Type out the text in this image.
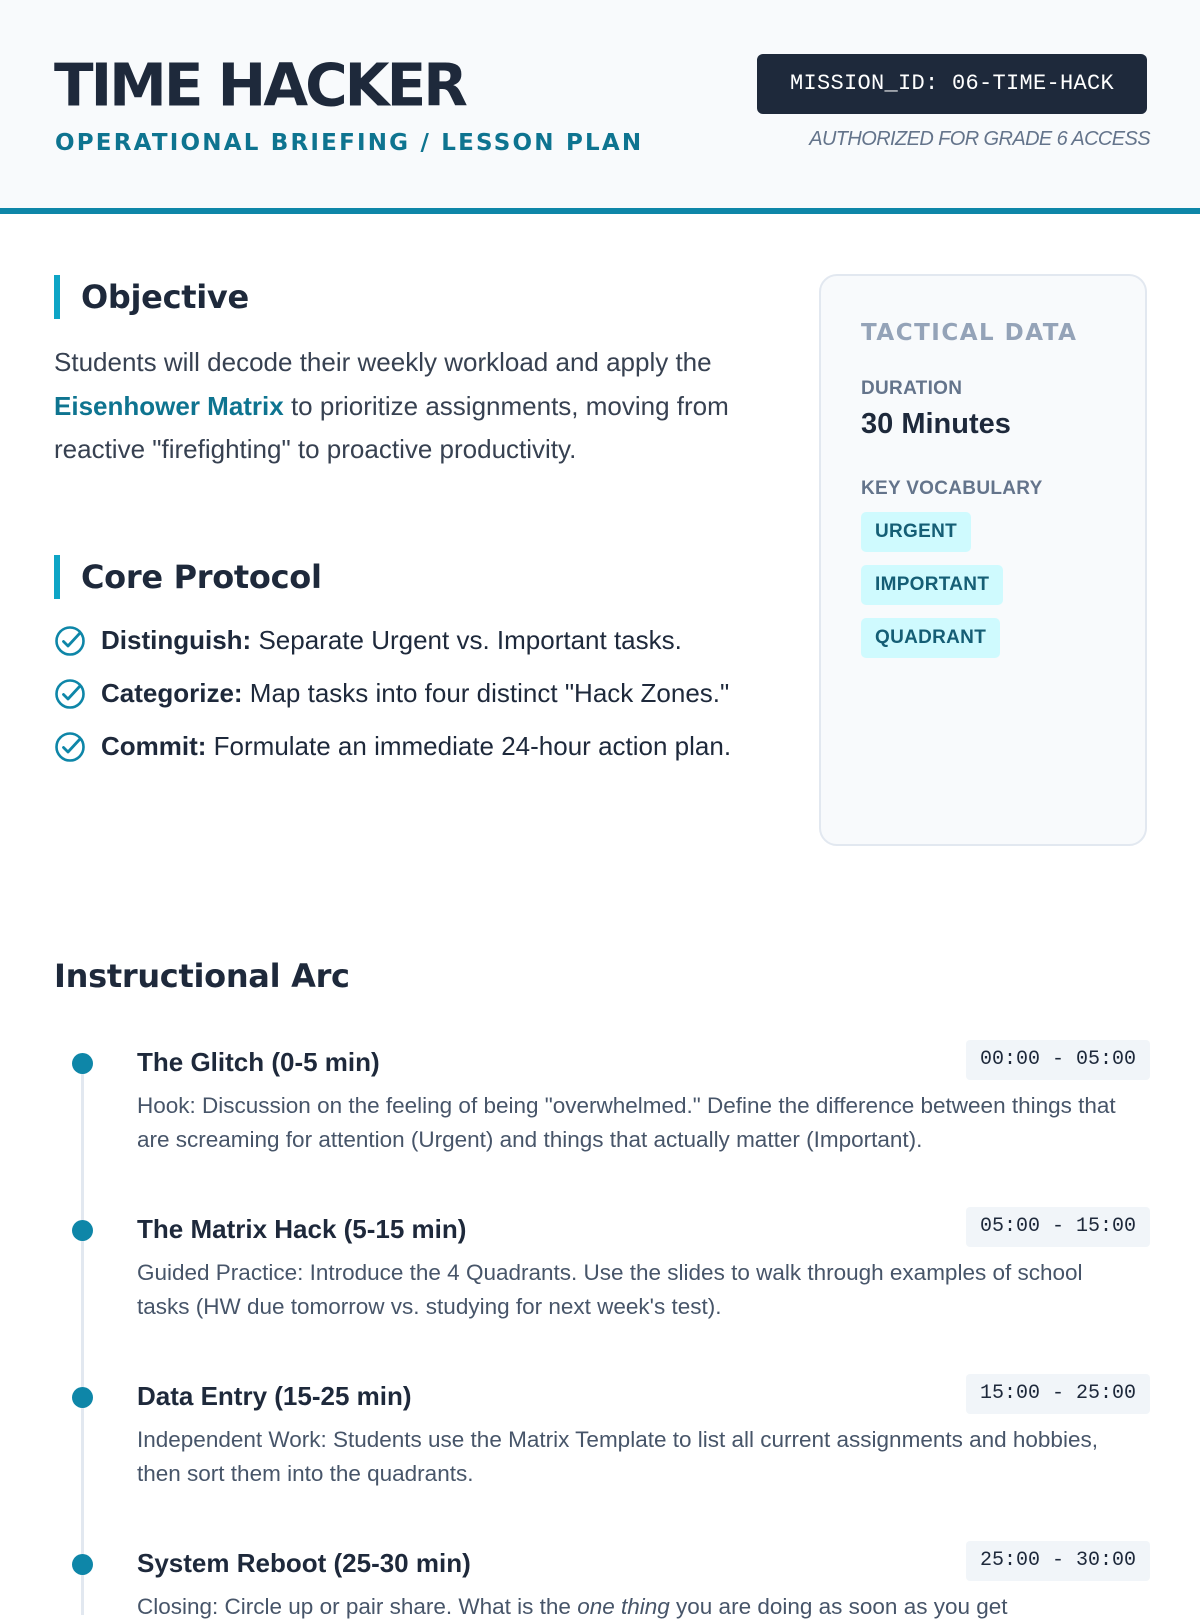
TIME HACKER
OPERATIONAL BRIEFING / LESSON PLAN
MISSION_ID: 06-TIME-HACK
AUTHORIZED FOR GRADE 6 ACCESS
Objective

Students will decode their weekly workload and apply the Eisenhower Matrix to prioritize assignments, moving from reactive "firefighting" to proactive productivity.

Core Protocol
Distinguish: Separate Urgent vs. Important tasks.
Categorize: Map tasks into four distinct "Hack Zones."
Commit: Formulate an immediate 24-hour action plan.
TACTICAL DATA
DURATION
30 Minutes
KEY VOCABULARY
URGENT
IMPORTANT
QUADRANT
Instructional Arc
The Glitch (0-5 min)	00:00 - 05:00
Hook: Discussion on the feeling of being "overwhelmed." Define the difference between things that are screaming for attention (Urgent) and things that actually matter (Important).
The Matrix Hack (5-15 min)	05:00 - 15:00
Guided Practice: Introduce the 4 Quadrants. Use the slides to walk through examples of school tasks (HW due tomorrow vs. studying for next week's test).
Data Entry (15-25 min)	15:00 - 25:00
Independent Work: Students use the Matrix Template to list all current assignments and hobbies, then sort them into the quadrants.
System Reboot (25-30 min)	25:00 - 30:00
Closing: Circle up or pair share. What is the one thing you are doing as soon as you get
